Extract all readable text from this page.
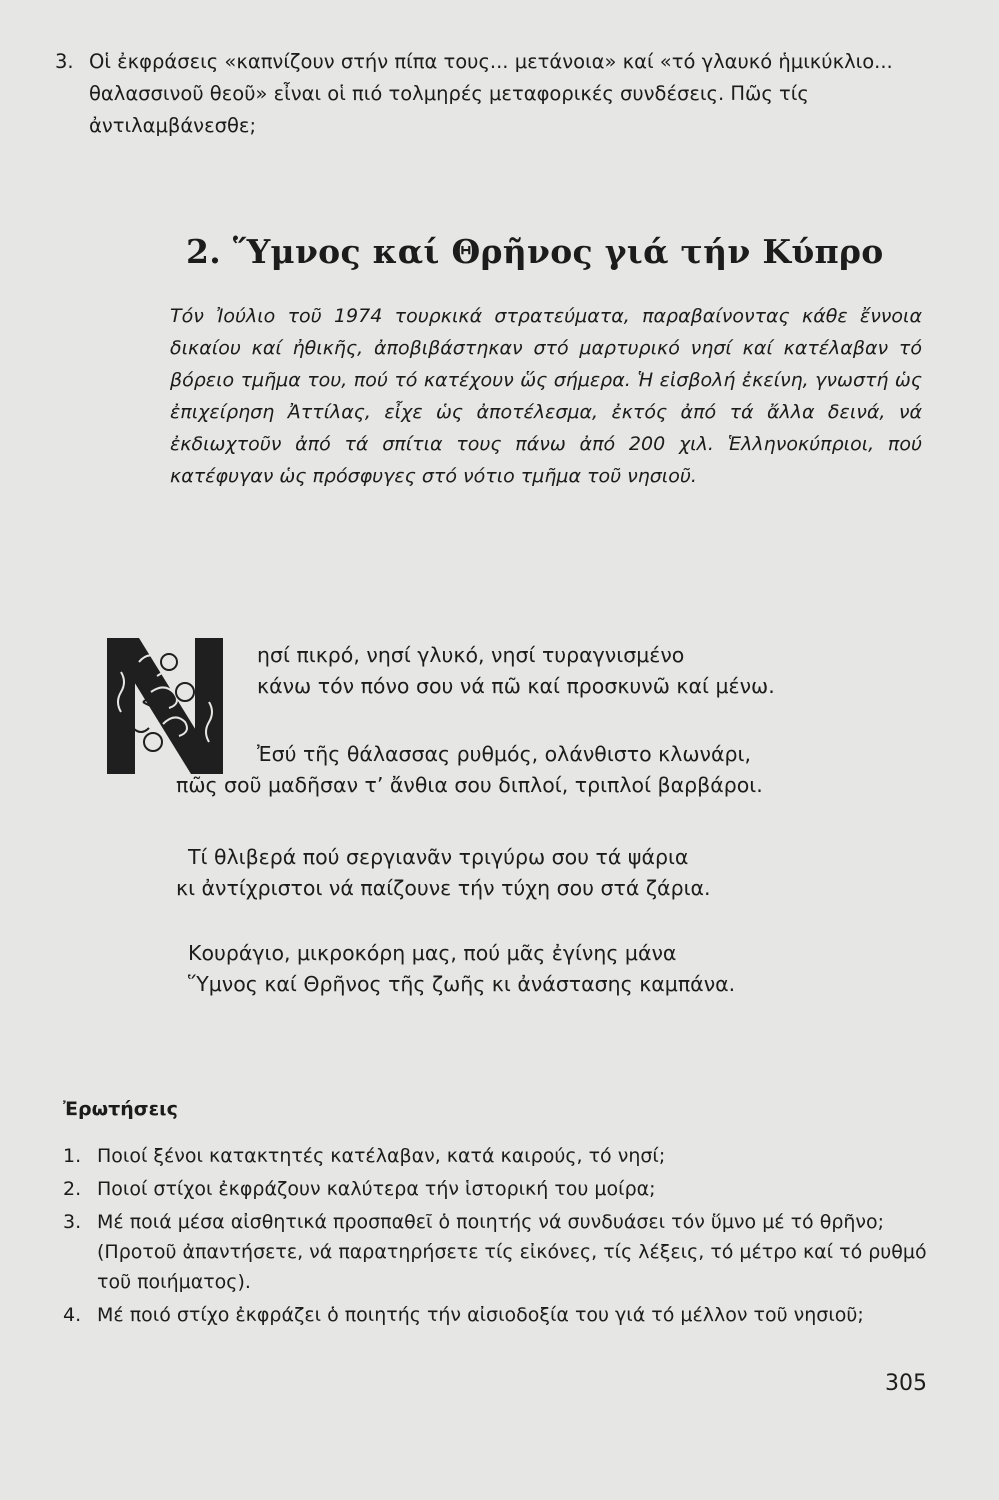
3. Οἱ ἐκφράσεις «καπνίζουν στήν πίπα τους... μετάνοια» καί «τό γλαυκό ἡμικύκλιο... θαλασσινοῦ θεοῦ» εἶναι οἱ πιό τολμηρές μεταφορικές συνδέσεις. Πῶς τίς ἀντιλαμβάνεσθε;
2. Ὕμνος καί Θρῆνος γιά τήν Κύπρο
Τόν Ἰούλιο τοῦ 1974 τουρκικά στρατεύματα, παραβαίνοντας κάθε ἔννοια δικαίου καί ἠθικῆς, ἀποβιβάστηκαν στό μαρτυρικό νησί καί κατέλαβαν τό βόρειο τμῆμα του, πού τό κατέχουν ὥς σήμερα. Ἡ εἰσβολή ἐκείνη, γνωστή ὡς ἐπιχείρηση Ἀττίλας, εἶχε ὡς ἀποτέλεσμα, ἐκτός ἀπό τά ἄλλα δεινά, νά ἐκδιωχτοῦν ἀπό τά σπίτια τους πάνω ἀπό 200 χιλ. Ἑλληνοκύπριοι, πού κατέφυγαν ὡς πρόσφυγες στό νότιο τμῆμα τοῦ νησιοῦ.
N
ησί πικρό, νησί γλυκό, νησί τυραγνισμένο
κάνω τόν πόνο σου νά πῶ καί προσκυνῶ καί μένω.
Ἐσύ τῆς θάλασσας ρυθμός, ολάνθιστο κλωνάρι,
πῶς σοῦ μαδῆσαν τ’ ἄνθια σου διπλοί, τριπλοί βαρβάροι.
Τί θλιβερά πού σεργιανᾶν τριγύρω σου τά ψάρια
κι ἀντίχριστοι νά παίζουνε τήν τύχη σου στά ζάρια.
Κουράγιο, μικροκόρη μας, πού μᾶς ἐγίνης μάνα
Ὕμνος καί Θρῆνος τῆς ζωῆς κι ἀνάστασης καμπάνα.
Ἐρωτήσεις
1. Ποιοί ξένοι κατακτητές κατέλαβαν, κατά καιρούς, τό νησί;
2. Ποιοί στίχοι ἐκφράζουν καλύτερα τήν ἱστορική του μοίρα;
3. Μέ ποιά μέσα αἰσθητικά προσπαθεῖ ὁ ποιητής νά συνδυάσει τόν ὕμνο μέ τό θρῆνο; (Προτοῦ ἀπαντήσετε, νά παρατηρήσετε τίς εἰκόνες, τίς λέξεις, τό μέτρο καί τό ρυθμό τοῦ ποιήματος).
4. Μέ ποιό στίχο ἐκφράζει ὁ ποιητής τήν αἰσιοδοξία του γιά τό μέλλον τοῦ νησιοῦ;
305
